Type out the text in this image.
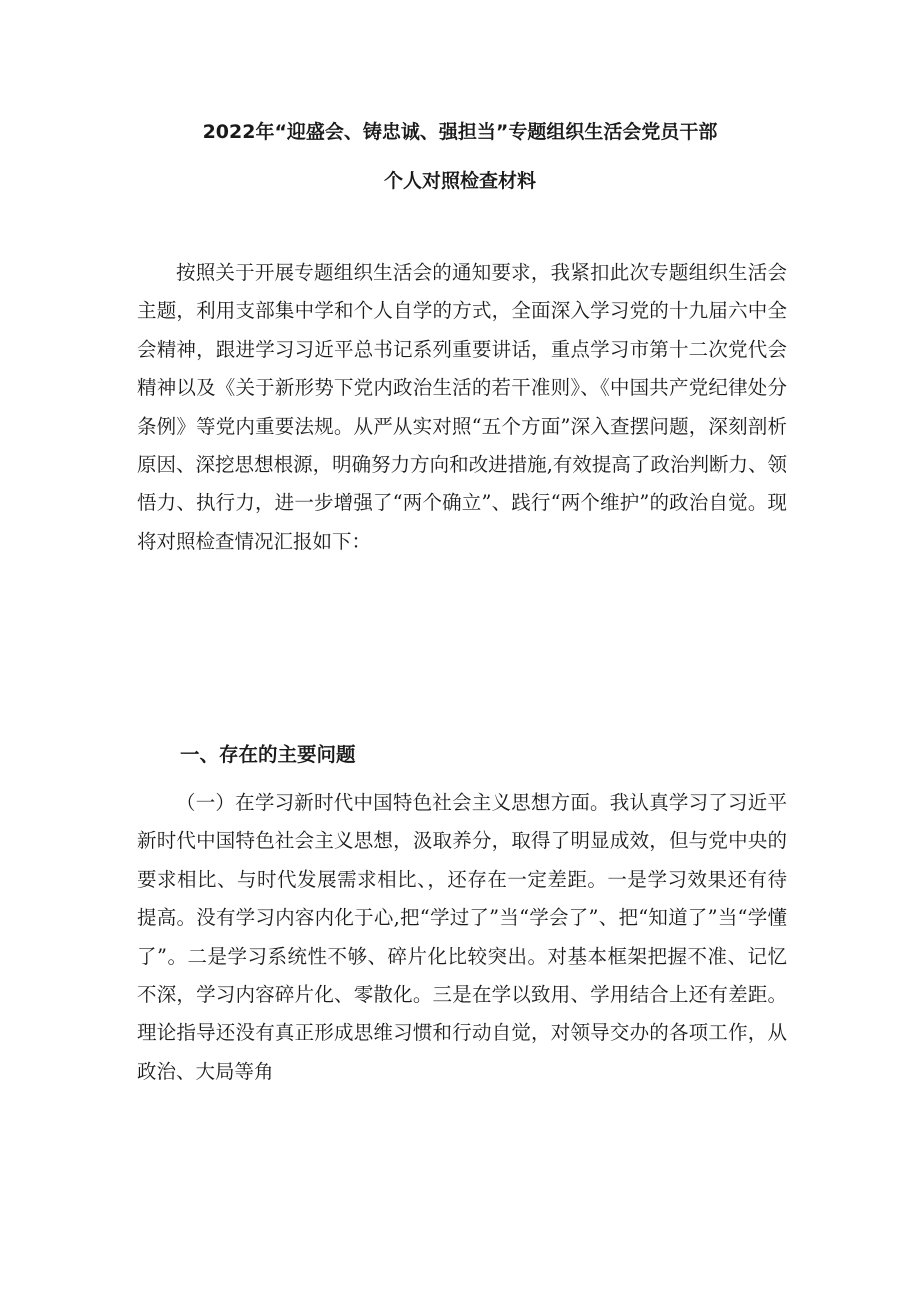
2022年“迎盛会、铸忠诚、强担当”专题组织生活会党员干部
个人对照检查材料

按照关于开展专题组织生活会的通知要求，我紧扣此次专题组织生活会主题，利用支部集中学和个人自学的方式，全面深入学习党的十九届六中全会精神，跟进学习习近平总书记系列重要讲话，重点学习市第十二次党代会精神以及《关于新形势下党内政治生活的若干准则》、《中国共产党纪律处分条例》等党内重要法规。从严从实对照“五个方面”深入查摆问题，深刻剖析原因、深挖思想根源，明确努力方向和改进措施,有效提高了政治判断力、领悟力、执行力，进一步增强了“两个确立”、践行“两个维护”的政治自觉。现将对照检查情况汇报如下：

一、存在的主要问题

（一）在学习新时代中国特色社会主义思想方面。我认真学习了习近平新时代中国特色社会主义思想，汲取养分，取得了明显成效，但与党中央的要求相比、与时代发展需求相比、，还存在一定差距。一是学习效果还有待提高。没有学习内容内化于心,把“学过了”当“学会了”、把“知道了”当“学懂了”。二是学习系统性不够、碎片化比较突出。对基本框架把握不准、记忆不深，学习内容碎片化、零散化。三是在学以致用、学用结合上还有差距。理论指导还没有真正形成思维习惯和行动自觉，对领导交办的各项工作，从政治、大局等角
